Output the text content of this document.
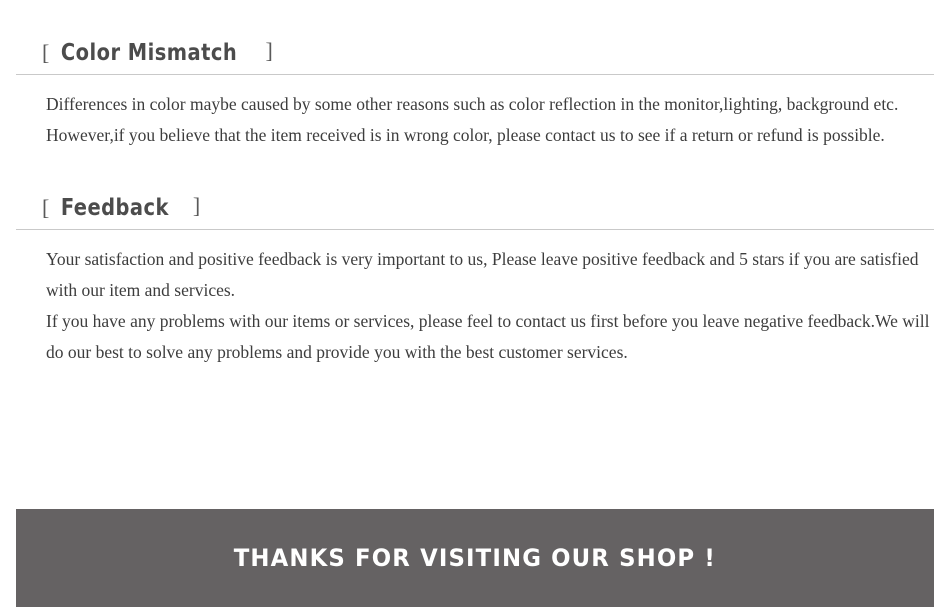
[ Color Mismatch ]

Differences in color maybe caused by some other reasons such as color reflection in the monitor,lighting, background etc.

However,if you believe that the item received is in wrong color, please contact us to see if a return or refund is possible.

[ Feedback ]

Your satisfaction and positive feedback is very important to us, Please leave positive feedback and 5 stars if you are satisfied with our item and services.

If you have any problems with our items or services, please feel to contact us first before you leave negative feedback.We will do our best to solve any problems and provide you with the best customer services.

THANKS FOR VISITING OUR SHOP !
